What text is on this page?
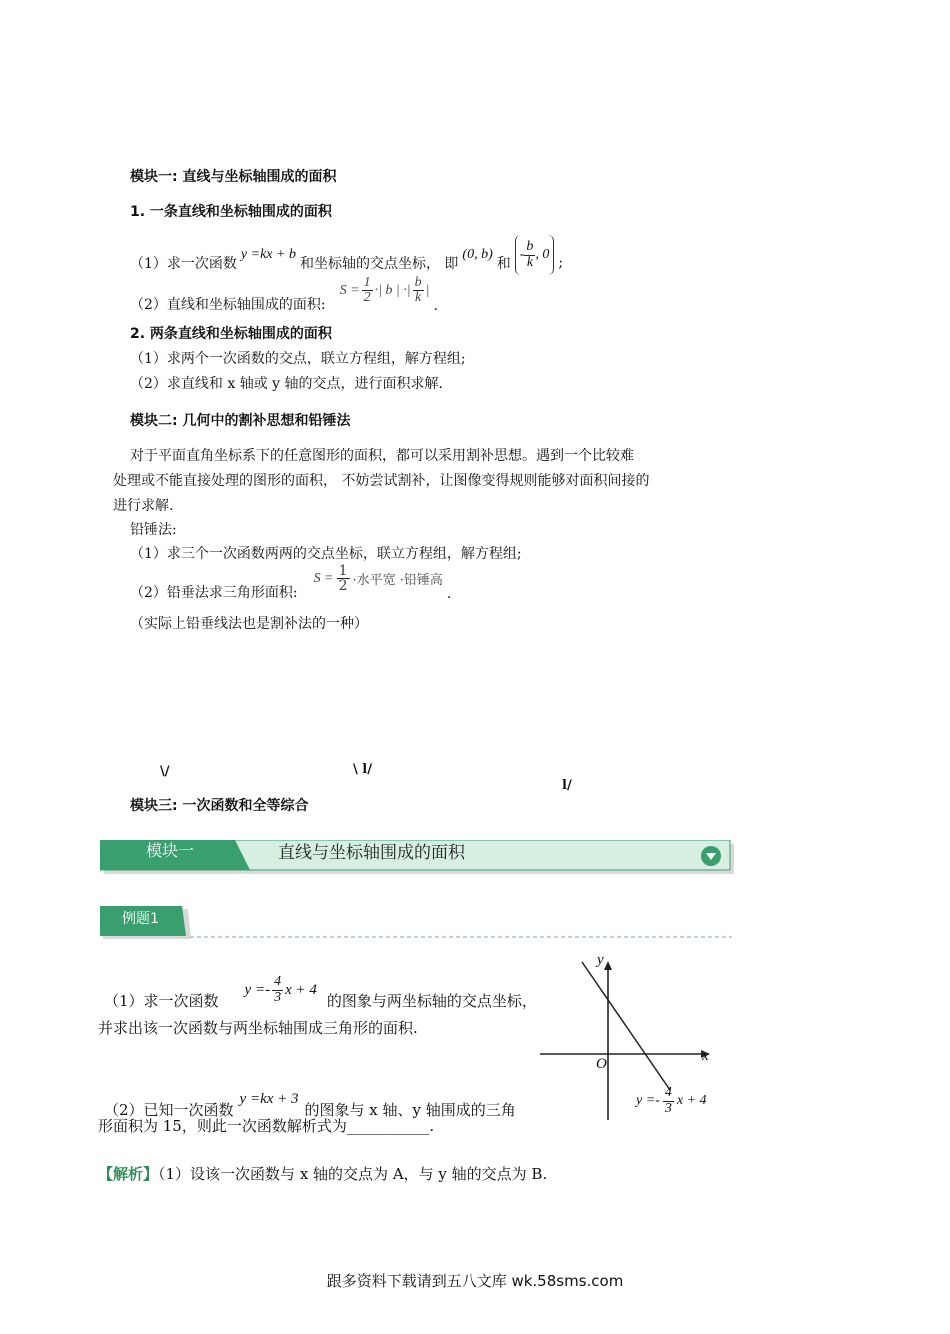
模块一: 直线与坐标轴围成的面积
1. 一条直线和坐标轴围成的面积
（1）求一次函数
y =kx + b
和坐标轴的交点坐标， 即
(0, b)
和
- $\frac{b}{k}$ , 0
;
（2）直线和坐标轴围成的面积:
$S = \frac{1}{2}$ ·| b | ·| $\frac{b}{k}$ |
.
2. 两条直线和坐标轴围成的面积
（1）求两个一次函数的交点，联立方程组，解方程组;
（2）求直线和 x 轴或 y 轴的交点，进行面积求解.
模块二: 几何中的割补思想和铅锤法
对于平面直角坐标系下的任意图形的面积，都可以采用割补思想。遇到一个比较难
处理或不能直接处理的图形的面积， 不妨尝试割补，让图像变得规则能够对面积间接的
进行求解.
铅锤法:
（1）求三个一次函数两两的交点坐标，联立方程组，解方程组;
（2）铅垂法求三角形面积:
$S = \frac{1}{2}$ ·水平宽 ·铅锤高
.
（实际上铅垂线法也是割补法的一种）
\/	\ l/
l/
模块三: 一次函数和全等综合
模块一	直线与坐标轴围成的面积
例题1
（1）求一次函数
$y =- \frac{4}{3}$ x + 4
的图象与两坐标轴的交点坐标，
并求出该一次函数与两坐标轴围成三角形的面积.
（2）已知一次函数
y =kx + 3
的图象与 x 轴、y 轴围成的三角
形面积为 15，则此一次函数解析式为___________.
y
x
O
$y =- \frac{4}{3}$ x + 4
【解析】（1）设该一次函数与 x 轴的交点为 A，与 y 轴的交点为 B.
跟多资料下载请到五八文库 wk.58sms.com
